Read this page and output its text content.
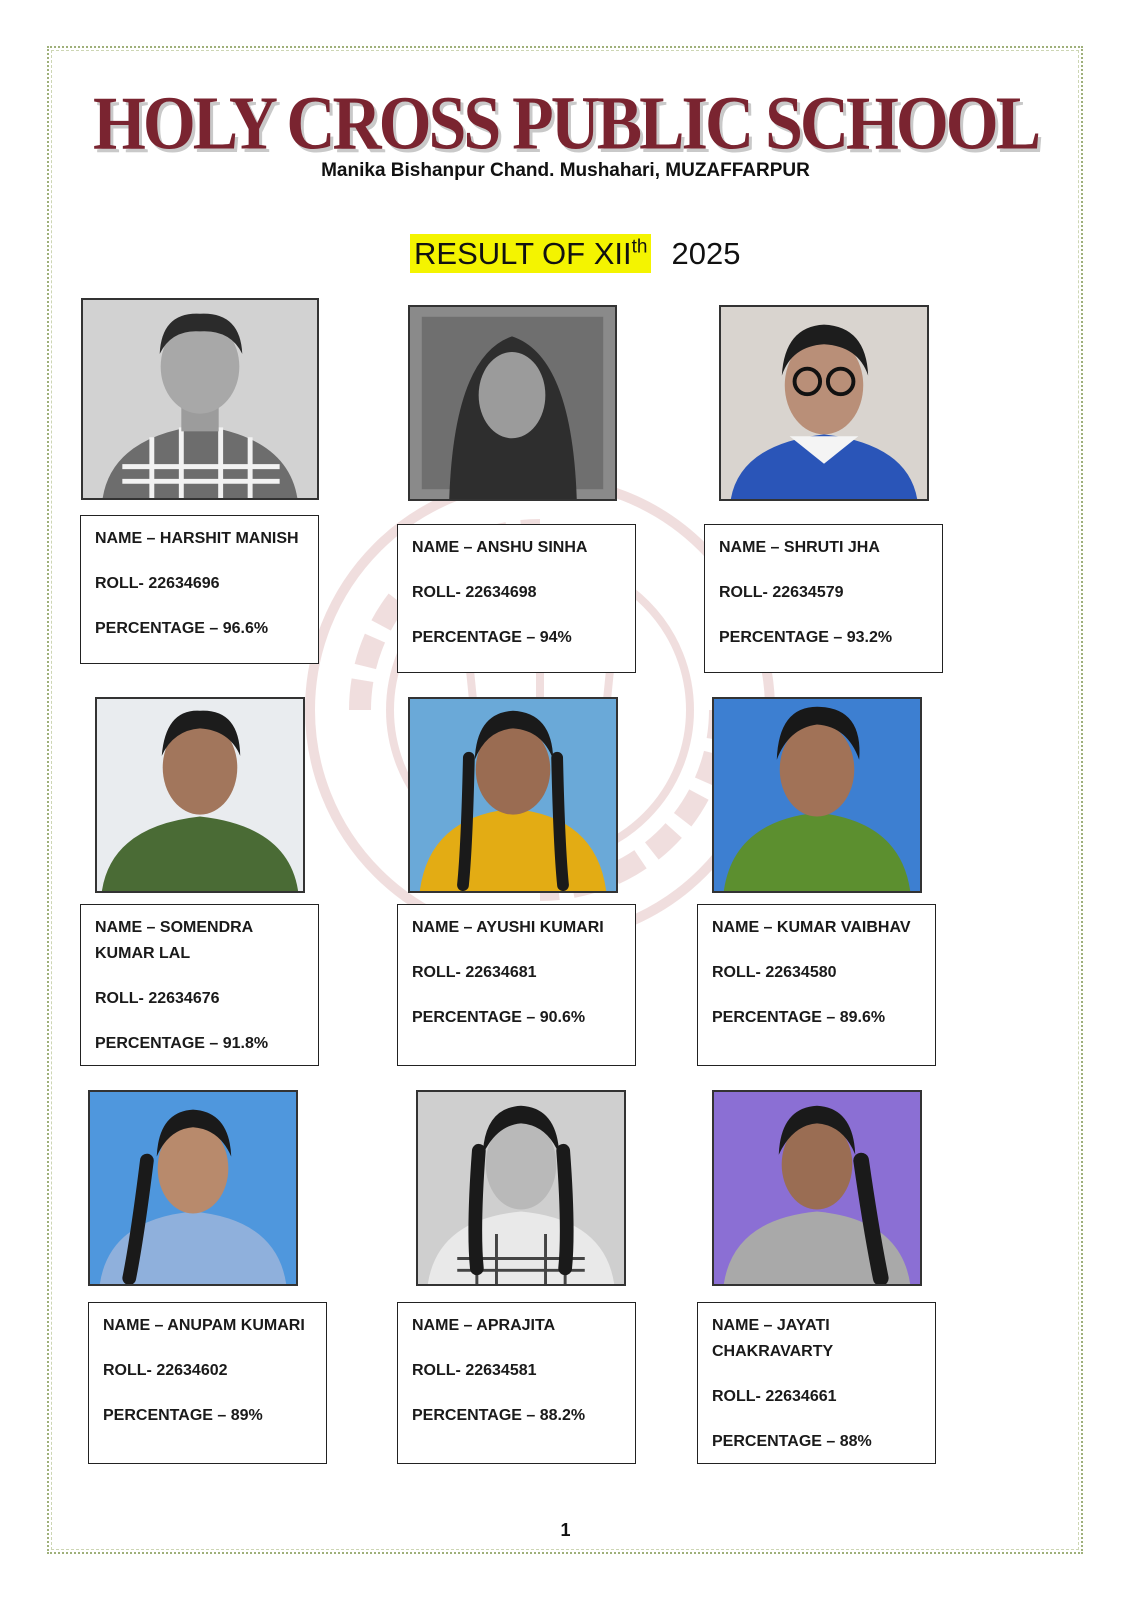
HOLY CROSS PUBLIC SCHOOL
Manika Bishanpur Chand. Mushahari, MUZAFFARPUR
RESULT OF XIIth 2025
NAME – HARSHIT MANISH
ROLL- 22634696
PERCENTAGE – 96.6%
NAME – ANSHU SINHA
ROLL- 22634698
PERCENTAGE – 94%
NAME – SHRUTI JHA
ROLL- 22634579
PERCENTAGE – 93.2%
NAME – SOMENDRA KUMAR LAL
ROLL- 22634676
PERCENTAGE – 91.8%
NAME – AYUSHI KUMARI
ROLL- 22634681
PERCENTAGE – 90.6%
NAME – KUMAR VAIBHAV
ROLL- 22634580
PERCENTAGE – 89.6%
NAME – ANUPAM KUMARI
ROLL- 22634602
PERCENTAGE – 89%
NAME – APRAJITA
ROLL- 22634581
PERCENTAGE – 88.2%
NAME – JAYATI CHAKRAVARTY
ROLL- 22634661
PERCENTAGE – 88%
1
